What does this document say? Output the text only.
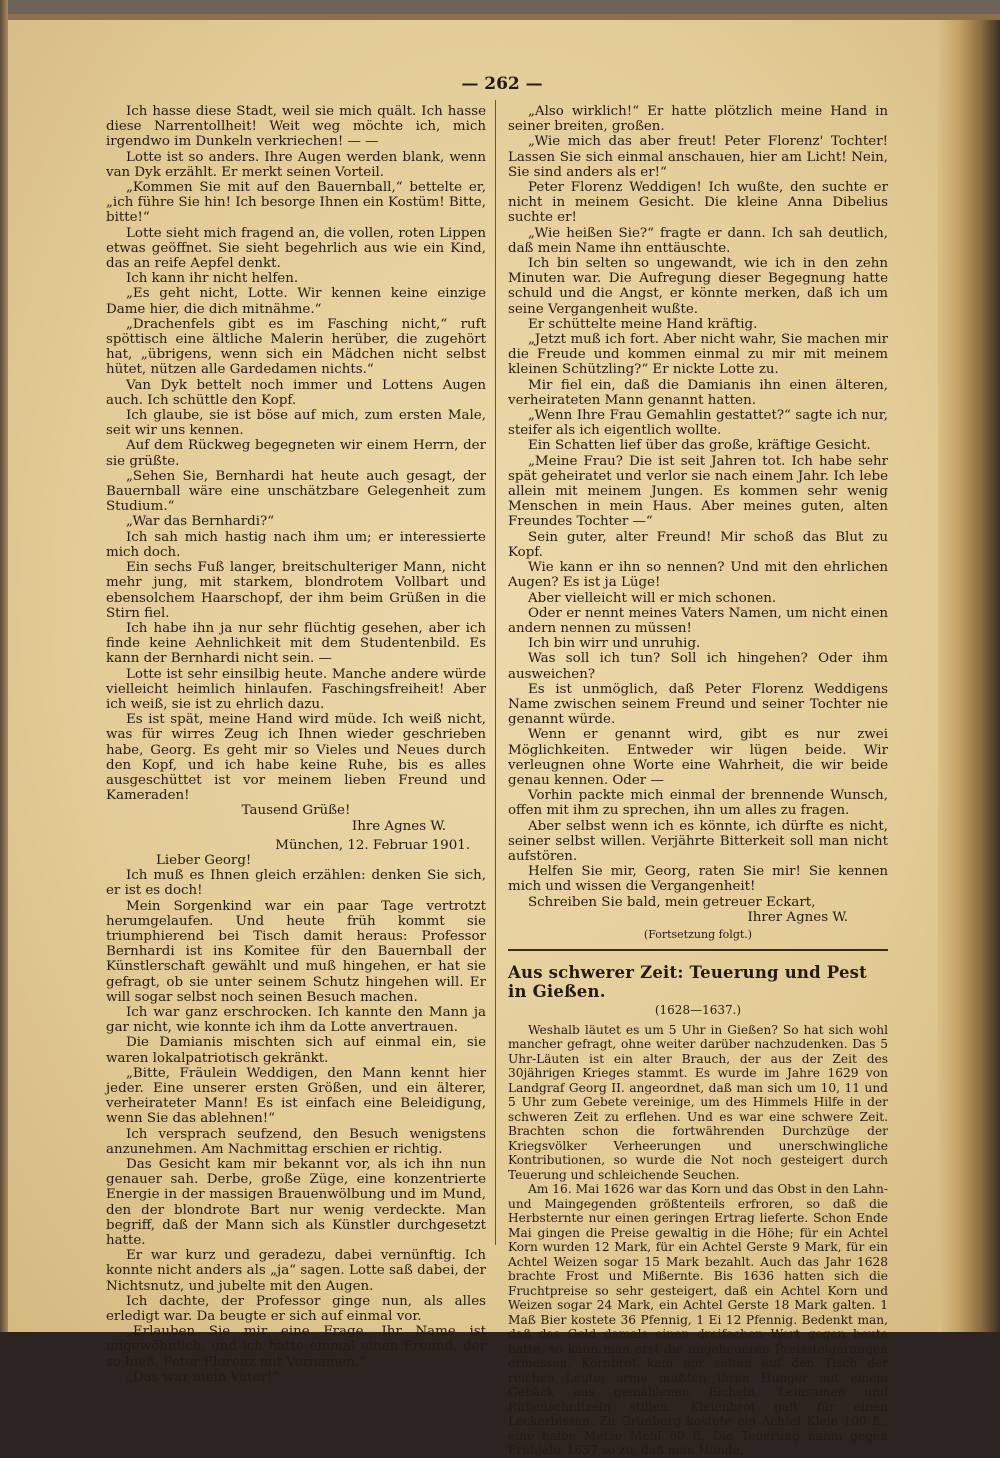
— 262 —

Ich hasse diese Stadt, weil sie mich quält. Ich hasse diese Narrentollheit! Weit weg möchte ich, mich irgendwo im Dunkeln verkriechen! — —

Lotte ist so anders. Ihre Augen werden blank, wenn van Dyk erzählt. Er merkt seinen Vorteil.

„Kommen Sie mit auf den Bauernball,“ bettelte er, „ich führe Sie hin! Ich besorge Ihnen ein Kostüm! Bitte, bitte!“

Lotte sieht mich fragend an, die vollen, roten Lippen etwas geöffnet. Sie sieht begehrlich aus wie ein Kind, das an reife Aepfel denkt.

Ich kann ihr nicht helfen.

„Es geht nicht, Lotte. Wir kennen keine einzige Dame hier, die dich mitnähme.“

„Drachenfels gibt es im Fasching nicht,“ ruft spöttisch eine ältliche Malerin herüber, die zugehört hat, „übrigens, wenn sich ein Mädchen nicht selbst hütet, nützen alle Gardedamen nichts.“

Van Dyk bettelt noch immer und Lottens Augen auch. Ich schüttle den Kopf.

Ich glaube, sie ist böse auf mich, zum ersten Male, seit wir uns kennen.

Auf dem Rückweg begegneten wir einem Herrn, der sie grüßte.

„Sehen Sie, Bernhardi hat heute auch gesagt, der Bauernball wäre eine unschätzbare Gelegenheit zum Studium.“

„War das Bernhardi?“

Ich sah mich hastig nach ihm um; er interessierte mich doch.

Ein sechs Fuß langer, breitschulteriger Mann, nicht mehr jung, mit starkem, blondrotem Vollbart und ebensolchem Haarschopf, der ihm beim Grüßen in die Stirn fiel.

Ich habe ihn ja nur sehr flüchtig gesehen, aber ich finde keine Aehnlichkeit mit dem Studentenbild. Es kann der Bernhardi nicht sein. —

Lotte ist sehr einsilbig heute. Manche andere würde vielleicht heimlich hinlaufen. Faschingsfreiheit! Aber ich weiß, sie ist zu ehrlich dazu.

Es ist spät, meine Hand wird müde. Ich weiß nicht, was für wirres Zeug ich Ihnen wieder geschrieben habe, Georg. Es geht mir so Vieles und Neues durch den Kopf, und ich habe keine Ruhe, bis es alles ausgeschüttet ist vor meinem lieben Freund und Kameraden!

Tausend Grüße!

Ihre Agnes W.

München, 12. Februar 1901.

Lieber Georg!

Ich muß es Ihnen gleich erzählen: denken Sie sich, er ist es doch!

Mein Sorgenkind war ein paar Tage vertrotzt herumgelaufen. Und heute früh kommt sie triumphierend bei Tisch damit heraus: Professor Bernhardi ist ins Komitee für den Bauernball der Künstlerschaft gewählt und muß hingehen, er hat sie gefragt, ob sie unter seinem Schutz hingehen will. Er will sogar selbst noch seinen Besuch machen.

Ich war ganz erschrocken. Ich kannte den Mann ja gar nicht, wie konnte ich ihm da Lotte anvertrauen.

Die Damianis mischten sich auf einmal ein, sie waren lokalpatriotisch gekränkt.

„Bitte, Fräulein Weddigen, den Mann kennt hier jeder. Eine unserer ersten Größen, und ein älterer, verheirateter Mann! Es ist einfach eine Beleidigung, wenn Sie das ablehnen!“

Ich versprach seufzend, den Besuch wenigstens anzunehmen. Am Nachmittag erschien er richtig.

Das Gesicht kam mir bekannt vor, als ich ihn nun genauer sah. Derbe, große Züge, eine konzentrierte Energie in der massigen Brauenwölbung und im Mund, den der blondrote Bart nur wenig verdeckte. Man begriff, daß der Mann sich als Künstler durchgesetzt hatte.

Er war kurz und geradezu, dabei vernünftig. Ich konnte nicht anders als „ja“ sagen. Lotte saß dabei, der Nichtsnutz, und jubelte mit den Augen.

Ich dachte, der Professor ginge nun, als alles erledigt war. Da beugte er sich auf einmal vor.

„Erlauben Sie mir eine Frage. Ihr Name ist ungewöhnlich, und ich hatte einmal einen Freund, der so hieß, Peter Florenz mit Vornamen.“

„Das war mein Vater!“

„Also wirklich!“ Er hatte plötzlich meine Hand in seiner breiten, großen.

„Wie mich das aber freut! Peter Florenz' Tochter! Lassen Sie sich einmal anschauen, hier am Licht! Nein, Sie sind anders als er!“

Peter Florenz Weddigen! Ich wußte, den suchte er nicht in meinem Gesicht. Die kleine Anna Dibelius suchte er!

„Wie heißen Sie?“ fragte er dann. Ich sah deutlich, daß mein Name ihn enttäuschte.

Ich bin selten so ungewandt, wie ich in den zehn Minuten war. Die Aufregung dieser Begegnung hatte schuld und die Angst, er könnte merken, daß ich um seine Vergangenheit wußte.

Er schüttelte meine Hand kräftig.

„Jetzt muß ich fort. Aber nicht wahr, Sie machen mir die Freude und kommen einmal zu mir mit meinem kleinen Schützling?“ Er nickte Lotte zu.

Mir fiel ein, daß die Damianis ihn einen älteren, verheirateten Mann genannt hatten.

„Wenn Ihre Frau Gemahlin gestattet?“ sagte ich nur, steifer als ich eigentlich wollte.

Ein Schatten lief über das große, kräftige Gesicht.

„Meine Frau? Die ist seit Jahren tot. Ich habe sehr spät geheiratet und verlor sie nach einem Jahr. Ich lebe allein mit meinem Jungen. Es kommen sehr wenig Menschen in mein Haus. Aber meines guten, alten Freundes Tochter —“

Sein guter, alter Freund! Mir schoß das Blut zu Kopf.

Wie kann er ihn so nennen? Und mit den ehrlichen Augen? Es ist ja Lüge!

Aber vielleicht will er mich schonen.

Oder er nennt meines Vaters Namen, um nicht einen andern nennen zu müssen!

Ich bin wirr und unruhig.

Was soll ich tun? Soll ich hingehen? Oder ihm ausweichen?

Es ist unmöglich, daß Peter Florenz Weddigens Name zwischen seinem Freund und seiner Tochter nie genannt würde.

Wenn er genannt wird, gibt es nur zwei Möglichkeiten. Entweder wir lügen beide. Wir verleugnen ohne Worte eine Wahrheit, die wir beide genau kennen. Oder —

Vorhin packte mich einmal der brennende Wunsch, offen mit ihm zu sprechen, ihn um alles zu fragen.

Aber selbst wenn ich es könnte, ich dürfte es nicht, seiner selbst willen. Verjährte Bitterkeit soll man nicht aufstören.

Helfen Sie mir, Georg, raten Sie mir! Sie kennen mich und wissen die Vergangenheit!

Schreiben Sie bald, mein getreuer Eckart,

Ihrer Agnes W.

(Fortsetzung folgt.)
Aus schwerer Zeit: Teuerung und Pest in Gießen.
(1628—1637.)

Weshalb läutet es um 5 Uhr in Gießen? So hat sich wohl mancher gefragt, ohne weiter darüber nachzudenken. Das 5 Uhr-Läuten ist ein alter Brauch, der aus der Zeit des 30jährigen Krieges stammt. Es wurde im Jahre 1629 von Landgraf Georg II. angeordnet, daß man sich um 10, 11 und 5 Uhr zum Gebete vereinige, um des Himmels Hilfe in der schweren Zeit zu erflehen. Und es war eine schwere Zeit. Brachten schon die fortwährenden Durchzüge der Kriegsvölker Verheerungen und unerschwingliche Kontributionen, so wurde die Not noch gesteigert durch Teuerung und schleichende Seuchen.

Am 16. Mai 1626 war das Korn und das Obst in den Lahn- und Maingegenden größtenteils erfroren, so daß die Herbsternte nur einen geringen Ertrag lieferte. Schon Ende Mai gingen die Preise gewaltig in die Höhe; für ein Achtel Korn wurden 12 Mark, für ein Achtel Gerste 9 Mark, für ein Achtel Weizen sogar 15 Mark bezahlt. Auch das Jahr 1628 brachte Frost und Mißernte. Bis 1636 hatten sich die Fruchtpreise so sehr gesteigert, daß ein Achtel Korn und Weizen sogar 24 Mark, ein Achtel Gerste 18 Mark galten. 1 Maß Bier kostete 36 Pfennig, 1 Ei 12 Pfennig. Bedenkt man, daß das Geld damals einen dreifachen Wert gegen heute hatte, so kann man erst die ungeheueren Preissteigerungen ermessen. Kornbrot kam nur selten auf den Tisch der reichen Leute; arme mußten ihren Hunger mit einem Gebäck aus gemahlenen Eicheln, Leinsamen und Rübenschnitzeln stillen. Kleienbrot galt für einen Leckerbissen. Zu Grünberg kostete ein Achtel Kleie 100 fl., eine halbe Metze Mehl 60 fl. Die Teuerung nahm gegen Frühjahr 1637 so zu, daß man Hunde,
